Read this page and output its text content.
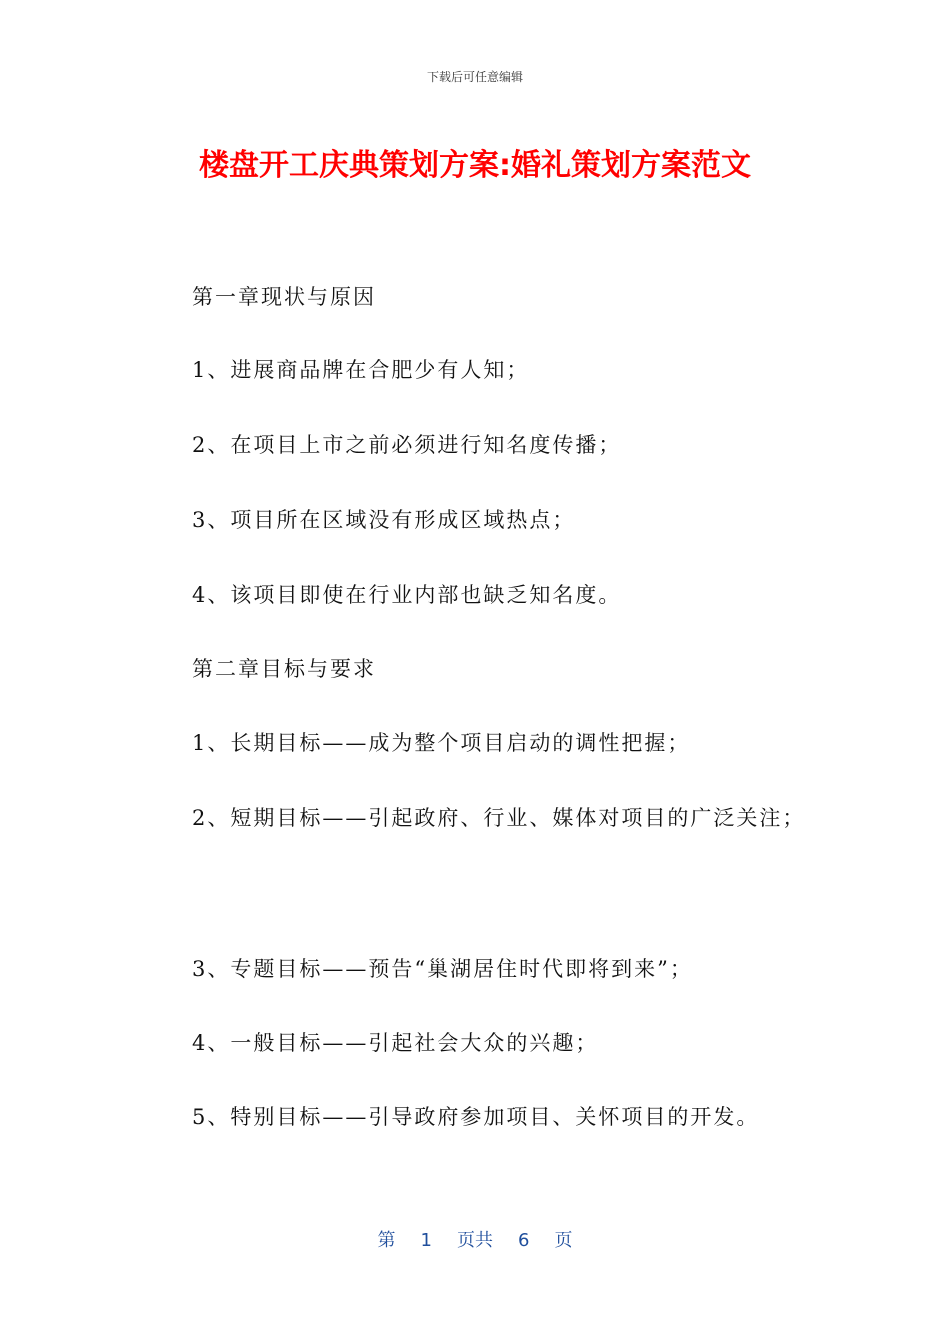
下载后可任意编辑
楼盘开工庆典策划方案:婚礼策划方案范文
第一章现状与原因
1、进展商品牌在合肥少有人知；
2、在项目上市之前必须进行知名度传播；
3、项目所在区域没有形成区域热点；
4、该项目即使在行业内部也缺乏知名度。
第二章目标与要求
1、长期目标——成为整个项目启动的调性把握；
2、短期目标——引起政府、行业、媒体对项目的广泛关注；
3、专题目标——预告“巢湖居住时代即将到来”；
4、一般目标——引起社会大众的兴趣；
5、特别目标——引导政府参加项目、关怀项目的开发。
第 1 页共 6 页
